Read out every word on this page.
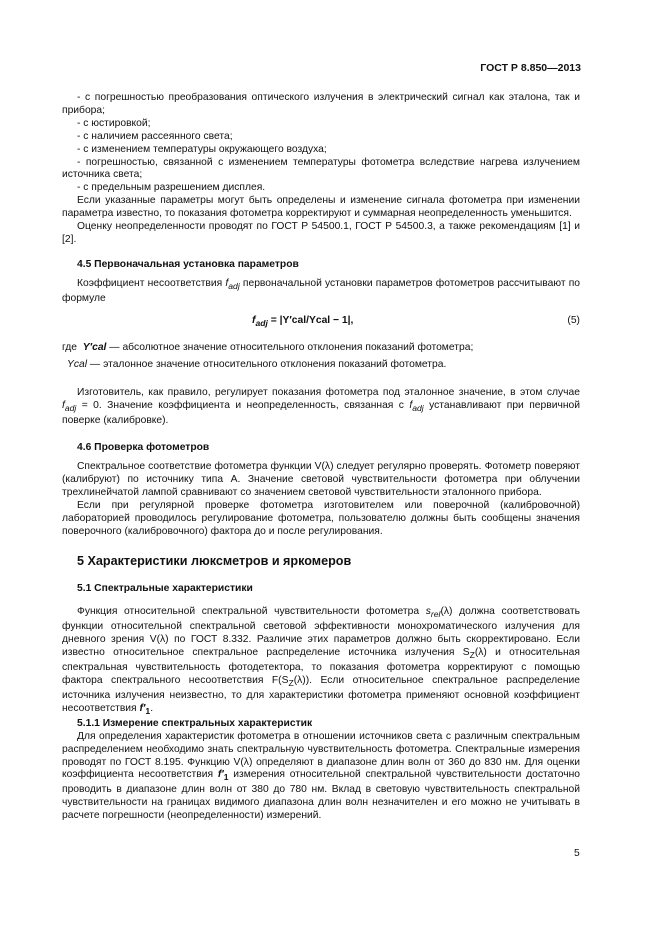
ГОСТ Р 8.850—2013

- с погрешностью преобразования оптического излучения в электрический сигнал как эталона, так и прибора;

- с юстировкой;

- с наличием рассеянного света;

- с изменением температуры окружающего воздуха;

- погрешностью, связанной с изменением температуры фотометра вследствие нагрева излучением источника света;

- с предельным разрешением дисплея.

Если указанные параметры могут быть определены и изменение сигнала фотометра при изменении параметра известно, то показания фотометра корректируют и суммарная неопределенность уменьшится.

Оценку неопределенности проводят по ГОСТ Р 54500.1, ГОСТ Р 54500.3, а также рекомендациям [1] и [2].

4.5 Первоначальная установка параметров

Коэффициент несоответствия $f_{adj}$ первоначальной установки параметров фотометров рассчитывают по формуле

$f_{adj}$ = |Y′cal/Ycal − 1|,	(5)

где Y′cal — абсолютное значение относительного отклонения показаний фотометра;

Ycal — эталонное значение относительного отклонения показаний фотометра.

Изготовитель, как правило, регулирует показания фотометра под эталонное значение, в этом случае $f_{adj} = 0$. Значение коэффициента и неопределенность, связанная с $f_{adj}$ устанавливают при первичной поверке (калибровке).

4.6 Проверка фотометров

Спектральное соответствие фотометра функции V(λ) следует регулярно проверять. Фотометр поверяют (калибруют) по источнику типа А. Значение световой чувствительности фотометра при облучении трехлинейчатой лампой сравнивают со значением световой чувствительности эталонного прибора.

Если при регулярной проверке фотометра изготовителем или поверочной (калибровочной) лабораторией проводилось регулирование фотометра, пользователю должны быть сообщены значения поверочного (калибровочного) фактора до и после регулирования.

5 Характеристики люксметров и яркомеров

5.1 Спектральные характеристики

Функция относительной спектральной чувствительности фотометра $s_{rel}(\lambda)$ должна соответствовать функции относительной спектральной световой эффективности монохроматического излучения для дневного зрения V(λ) по ГОСТ 8.332. Различие этих параметров должно быть скорректировано. Если известно относительное спектральное распределение источника излучения $S_Z(\lambda)$ и относительная спектральная чувствительность фотодетектора, то показания фотометра корректируют с помощью фактора спектрального несоответствия $F(S_Z(\lambda))$. Если относительное спектральное распределение источника излучения неизвестно, то для характеристики фотометра применяют основной коэффициент несоответствия $f'_1$.

5.1.1 Измерение спектральных характеристик

Для определения характеристик фотометра в отношении источников света с различным спектральным распределением необходимо знать спектральную чувствительность фотометра. Спектральные измерения проводят по ГОСТ 8.195. Функцию V(λ) определяют в диапазоне длин волн от 360 до 830 нм. Для оценки коэффициента несоответствия $f'_1$ измерения относительной спектральной чувствительности достаточно проводить в диапазоне длин волн от 380 до 780 нм. Вклад в световую чувствительность спектральной чувствительности на границах видимого диапазона длин волн незначителен и его можно не учитывать в расчете погрешности (неопределенности) измерений.

5
